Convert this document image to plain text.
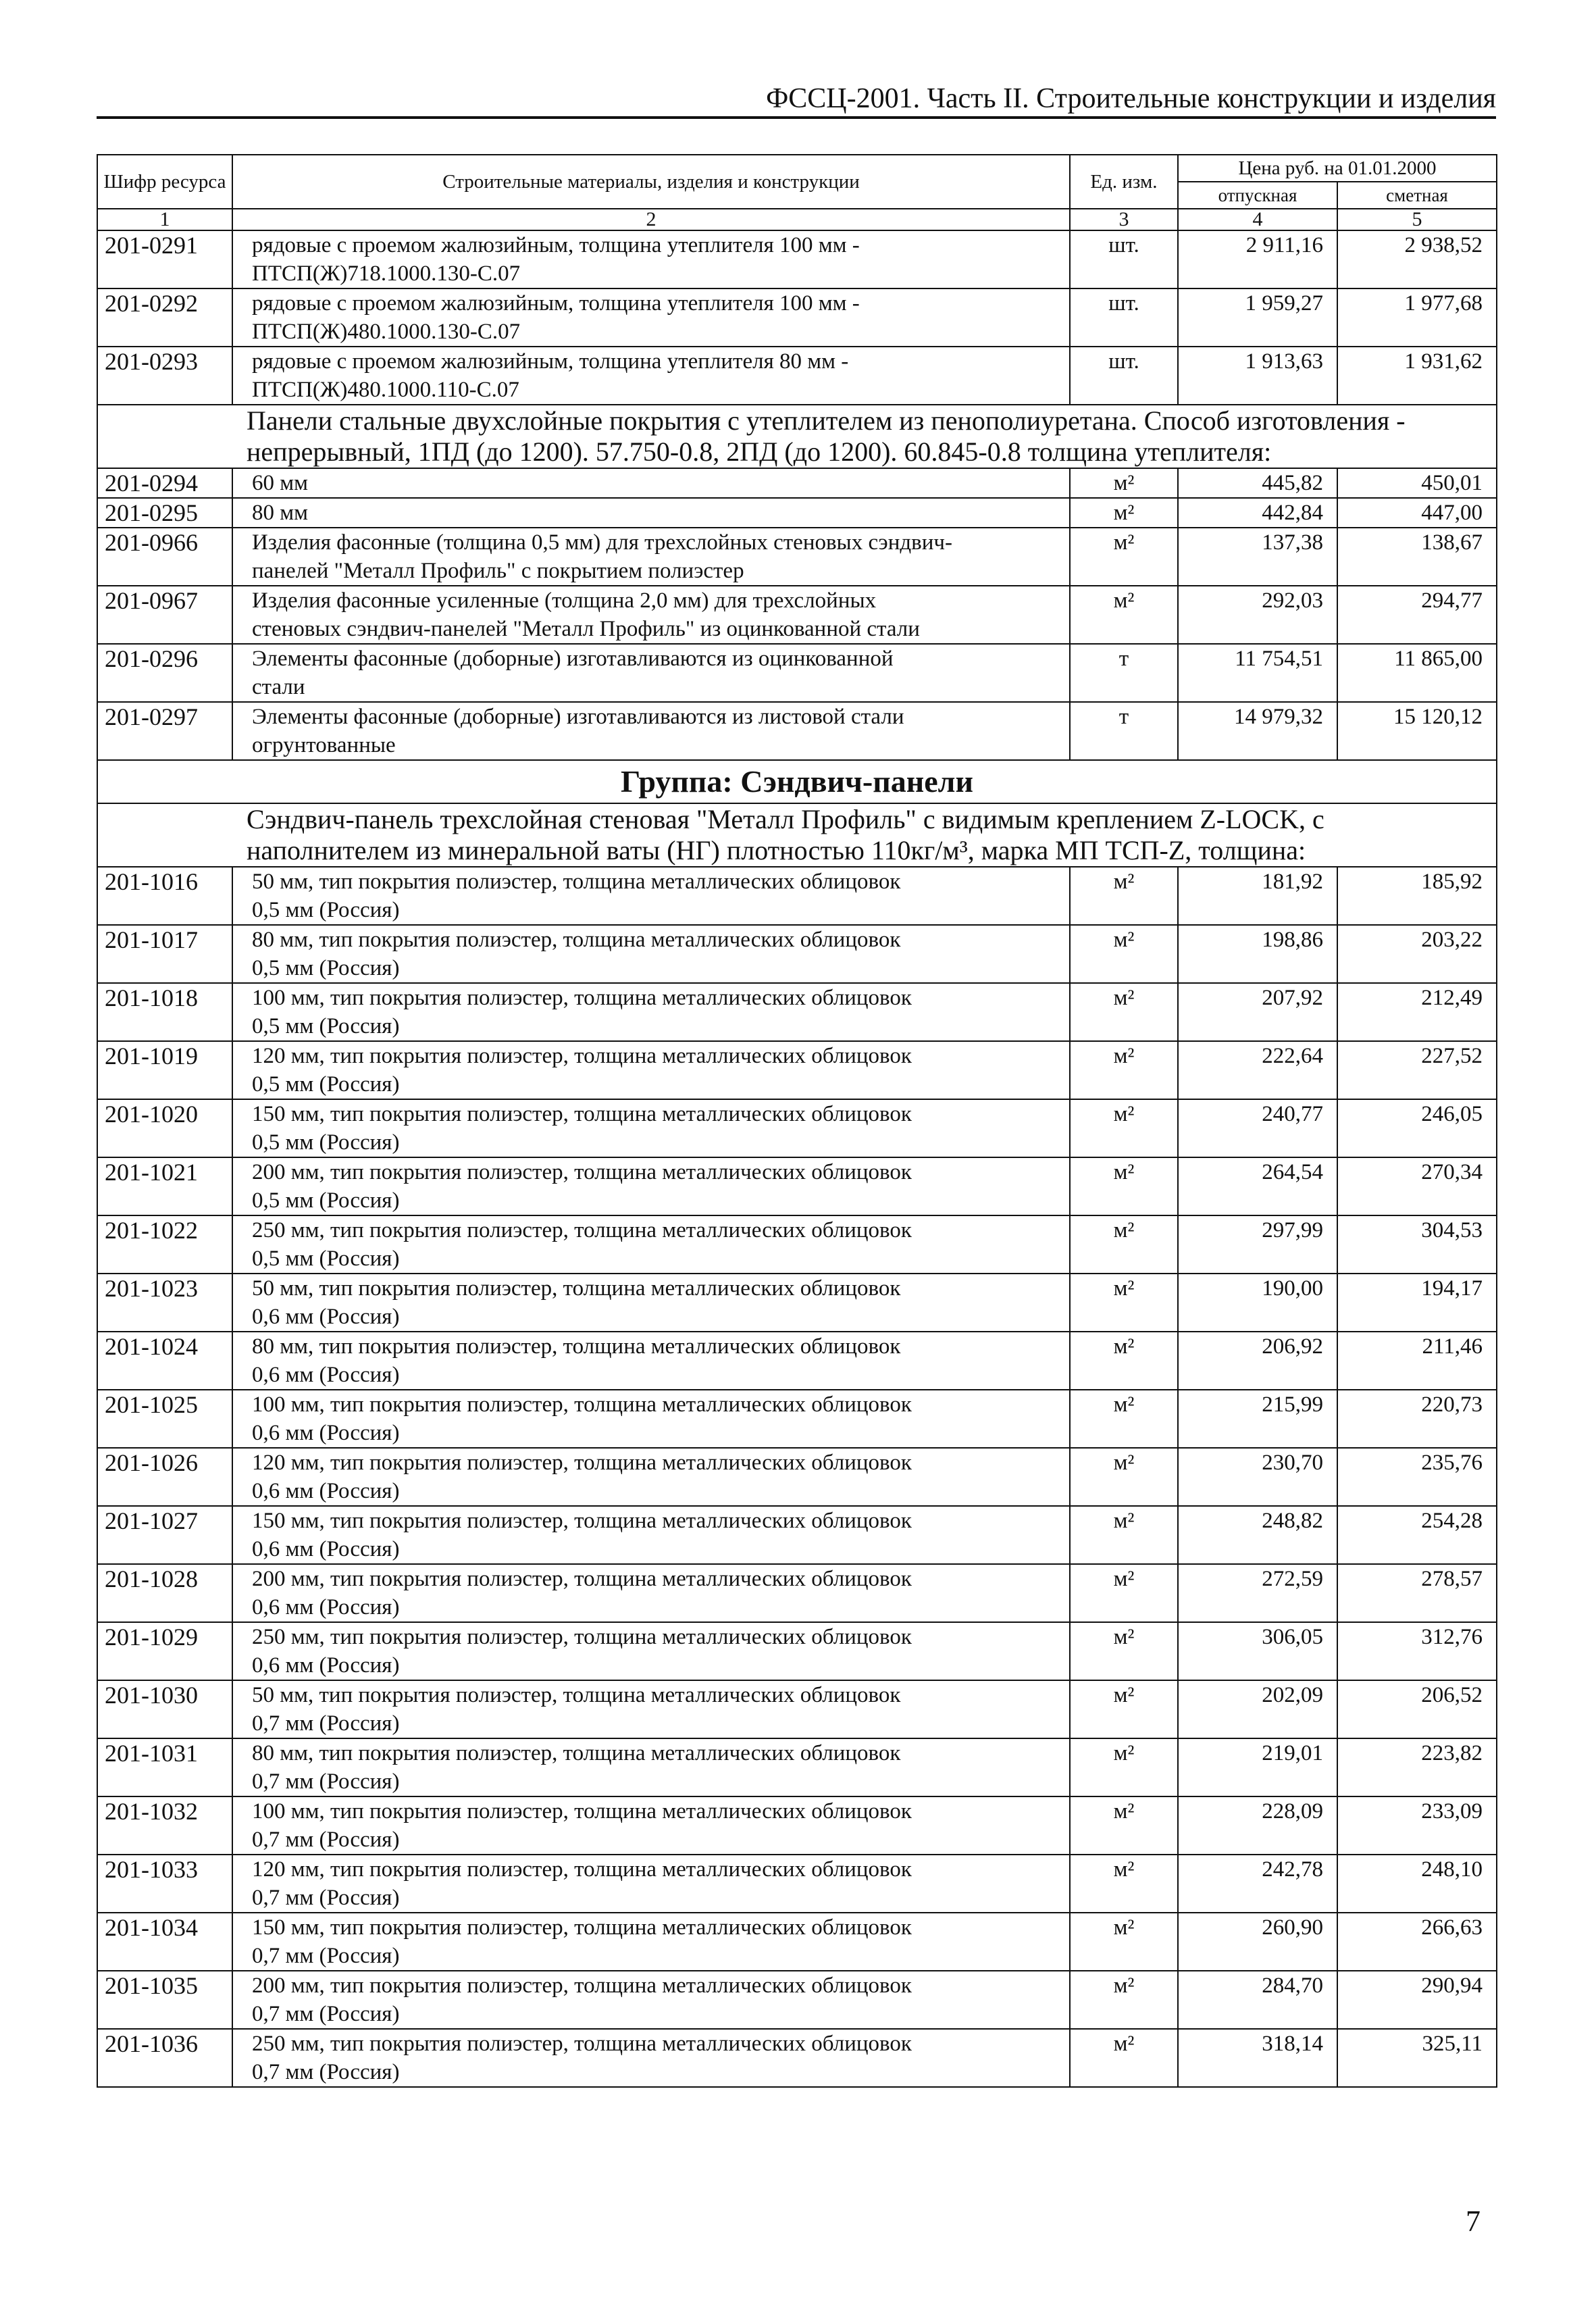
ФССЦ-2001. Часть II. Строительные конструкции и изделия
Шифр ресурса	Строительные материалы, изделия и конструкции	Ед. изм.	Цена руб. на 01.01.2000	
			отпускная	сметная
1	2	3	4	5
201-0291	рядовые с проемом жалюзийным, толщина утеплителя 100 мм -
ПТСП(Ж)718.1000.130-С.07	шт.	2 911,16	2 938,52
201-0292	рядовые с проемом жалюзийным, толщина утеплителя 100 мм -
ПТСП(Ж)480.1000.130-С.07	шт.	1 959,27	1 977,68
201-0293	рядовые с проемом жалюзийным, толщина утеплителя 80 мм -
ПТСП(Ж)480.1000.110-С.07	шт.	1 913,63	1 931,62

Панели стальные двухслойные покрытия с утеплителем из пенополиуретана. Способ изготовления -
непрерывный, 1ПД (до 1200). 57.750-0.8, 2ПД (до 1200). 60.845-0.8 толщина утеплителя:				

201-0294	60 мм	м²	445,82	450,01
201-0295	80 мм	м²	442,84	447,00
201-0966	Изделия фасонные (толщина 0,5 мм) для трехслойных стеновых сэндвич-
панелей "Металл Профиль" с покрытием полиэстер	м²	137,38	138,67
201-0967	Изделия фасонные усиленные (толщина 2,0 мм) для трехслойных
стеновых сэндвич-панелей "Металл Профиль" из оцинкованной стали	м²	292,03	294,77
201-0296	Элементы фасонные (доборные) изготавливаются из оцинкованной
стали	т	11 754,51	11 865,00
201-0297	Элементы фасонные (доборные) изготавливаются из листовой стали
огрунтованные	т	14 979,32	15 120,12
Группа: Сэндвич-панели				

Сэндвич-панель трехслойная стеновая "Металл Профиль" с видимым креплением Z-LOCK, с
наполнителем из минеральной ваты (НГ) плотностью 110кг/м³, марка МП ТСП-Z, толщина:				

201-1016	50 мм, тип покрытия полиэстер, толщина металлических облицовок
0,5 мм (Россия)	м²	181,92	185,92
201-1017	80 мм, тип покрытия полиэстер, толщина металлических облицовок
0,5 мм (Россия)	м²	198,86	203,22
201-1018	100 мм, тип покрытия полиэстер, толщина металлических облицовок
0,5 мм (Россия)	м²	207,92	212,49
201-1019	120 мм, тип покрытия полиэстер, толщина металлических облицовок
0,5 мм (Россия)	м²	222,64	227,52
201-1020	150 мм, тип покрытия полиэстер, толщина металлических облицовок
0,5 мм (Россия)	м²	240,77	246,05
201-1021	200 мм, тип покрытия полиэстер, толщина металлических облицовок
0,5 мм (Россия)	м²	264,54	270,34
201-1022	250 мм, тип покрытия полиэстер, толщина металлических облицовок
0,5 мм (Россия)	м²	297,99	304,53
201-1023	50 мм, тип покрытия полиэстер, толщина металлических облицовок
0,6 мм (Россия)	м²	190,00	194,17
201-1024	80 мм, тип покрытия полиэстер, толщина металлических облицовок
0,6 мм (Россия)	м²	206,92	211,46
201-1025	100 мм, тип покрытия полиэстер, толщина металлических облицовок
0,6 мм (Россия)	м²	215,99	220,73
201-1026	120 мм, тип покрытия полиэстер, толщина металлических облицовок
0,6 мм (Россия)	м²	230,70	235,76
201-1027	150 мм, тип покрытия полиэстер, толщина металлических облицовок
0,6 мм (Россия)	м²	248,82	254,28
201-1028	200 мм, тип покрытия полиэстер, толщина металлических облицовок
0,6 мм (Россия)	м²	272,59	278,57
201-1029	250 мм, тип покрытия полиэстер, толщина металлических облицовок
0,6 мм (Россия)	м²	306,05	312,76
201-1030	50 мм, тип покрытия полиэстер, толщина металлических облицовок
0,7 мм (Россия)	м²	202,09	206,52
201-1031	80 мм, тип покрытия полиэстер, толщина металлических облицовок
0,7 мм (Россия)	м²	219,01	223,82
201-1032	100 мм, тип покрытия полиэстер, толщина металлических облицовок
0,7 мм (Россия)	м²	228,09	233,09
201-1033	120 мм, тип покрытия полиэстер, толщина металлических облицовок
0,7 мм (Россия)	м²	242,78	248,10
201-1034	150 мм, тип покрытия полиэстер, толщина металлических облицовок
0,7 мм (Россия)	м²	260,90	266,63
201-1035	200 мм, тип покрытия полиэстер, толщина металлических облицовок
0,7 мм (Россия)	м²	284,70	290,94
201-1036	250 мм, тип покрытия полиэстер, толщина металлических облицовок
0,7 мм (Россия)	м²	318,14	325,11
7
